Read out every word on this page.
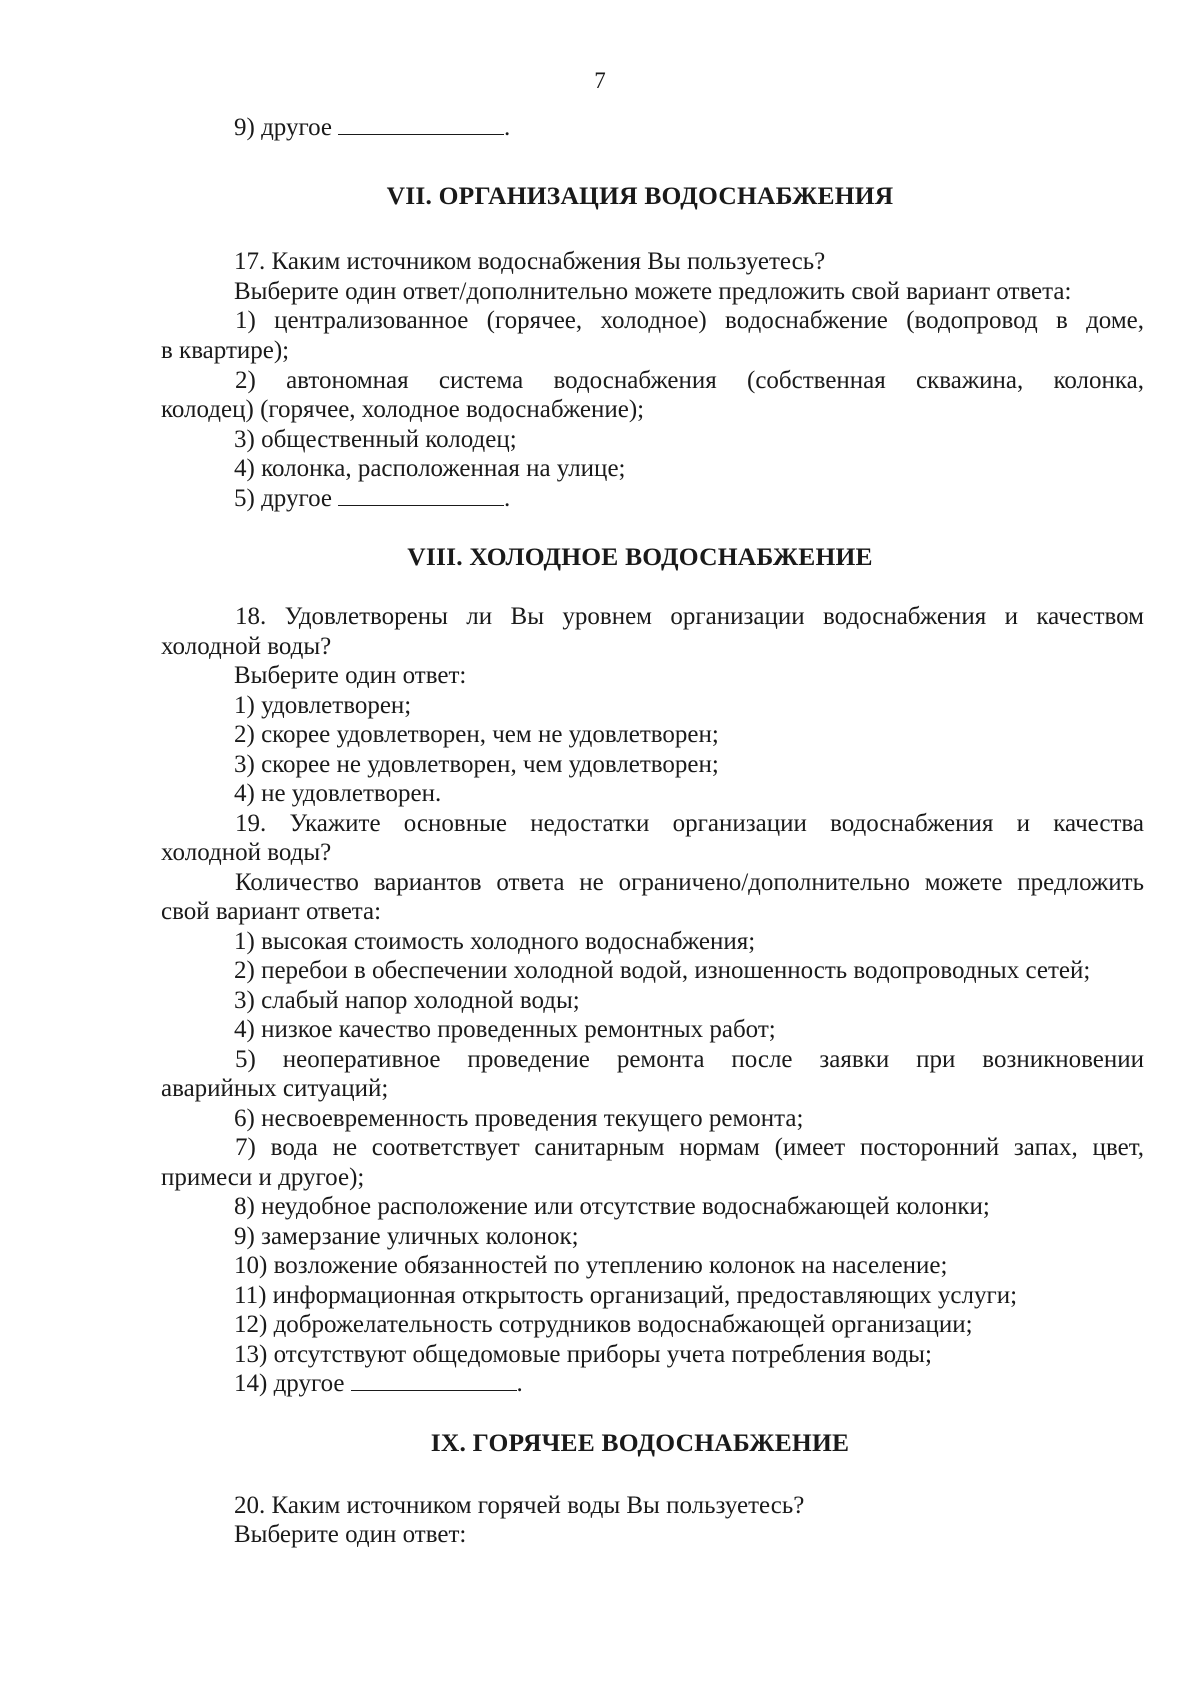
7
9) другое	.
VII. ОРГАНИЗАЦИЯ ВОДОСНАБЖЕНИЯ
17. Каким источником водоснабжения Вы пользуетесь?
Выберите один ответ/дополнительно можете предложить свой вариант ответа:
1) централизованное (горячее, холодное) водоснабжение (водопровод в доме,
в квартире);
2) автономная система водоснабжения (собственная скважина, колонка,
колодец) (горячее, холодное водоснабжение);
3) общественный колодец;
4) колонка, расположенная на улице;
5) другое	.
VIII. ХОЛОДНОЕ ВОДОСНАБЖЕНИЕ
18. Удовлетворены ли Вы уровнем организации водоснабжения и качеством
холодной воды?
Выберите один ответ:
1) удовлетворен;
2) скорее удовлетворен, чем не удовлетворен;
3) скорее не удовлетворен, чем удовлетворен;
4) не удовлетворен.
19. Укажите основные недостатки организации водоснабжения и качества
холодной воды?
Количество вариантов ответа не ограничено/дополнительно можете предложить
свой вариант ответа:
1) высокая стоимость холодного водоснабжения;
2) перебои в обеспечении холодной водой, изношенность водопроводных сетей;
3) слабый напор холодной воды;
4) низкое качество проведенных ремонтных работ;
5) неоперативное проведение ремонта после заявки при возникновении
аварийных ситуаций;
6) несвоевременность проведения текущего ремонта;
7) вода не соответствует санитарным нормам (имеет посторонний запах, цвет,
примеси и другое);
8) неудобное расположение или отсутствие водоснабжающей колонки;
9) замерзание уличных колонок;
10) возложение обязанностей по утеплению колонок на население;
11) информационная открытость организаций, предоставляющих услуги;
12) доброжелательность сотрудников водоснабжающей организации;
13) отсутствуют общедомовые приборы учета потребления воды;
14) другое	.
IX. ГОРЯЧЕЕ ВОДОСНАБЖЕНИЕ
20. Каким источником горячей воды Вы пользуетесь?
Выберите один ответ:
